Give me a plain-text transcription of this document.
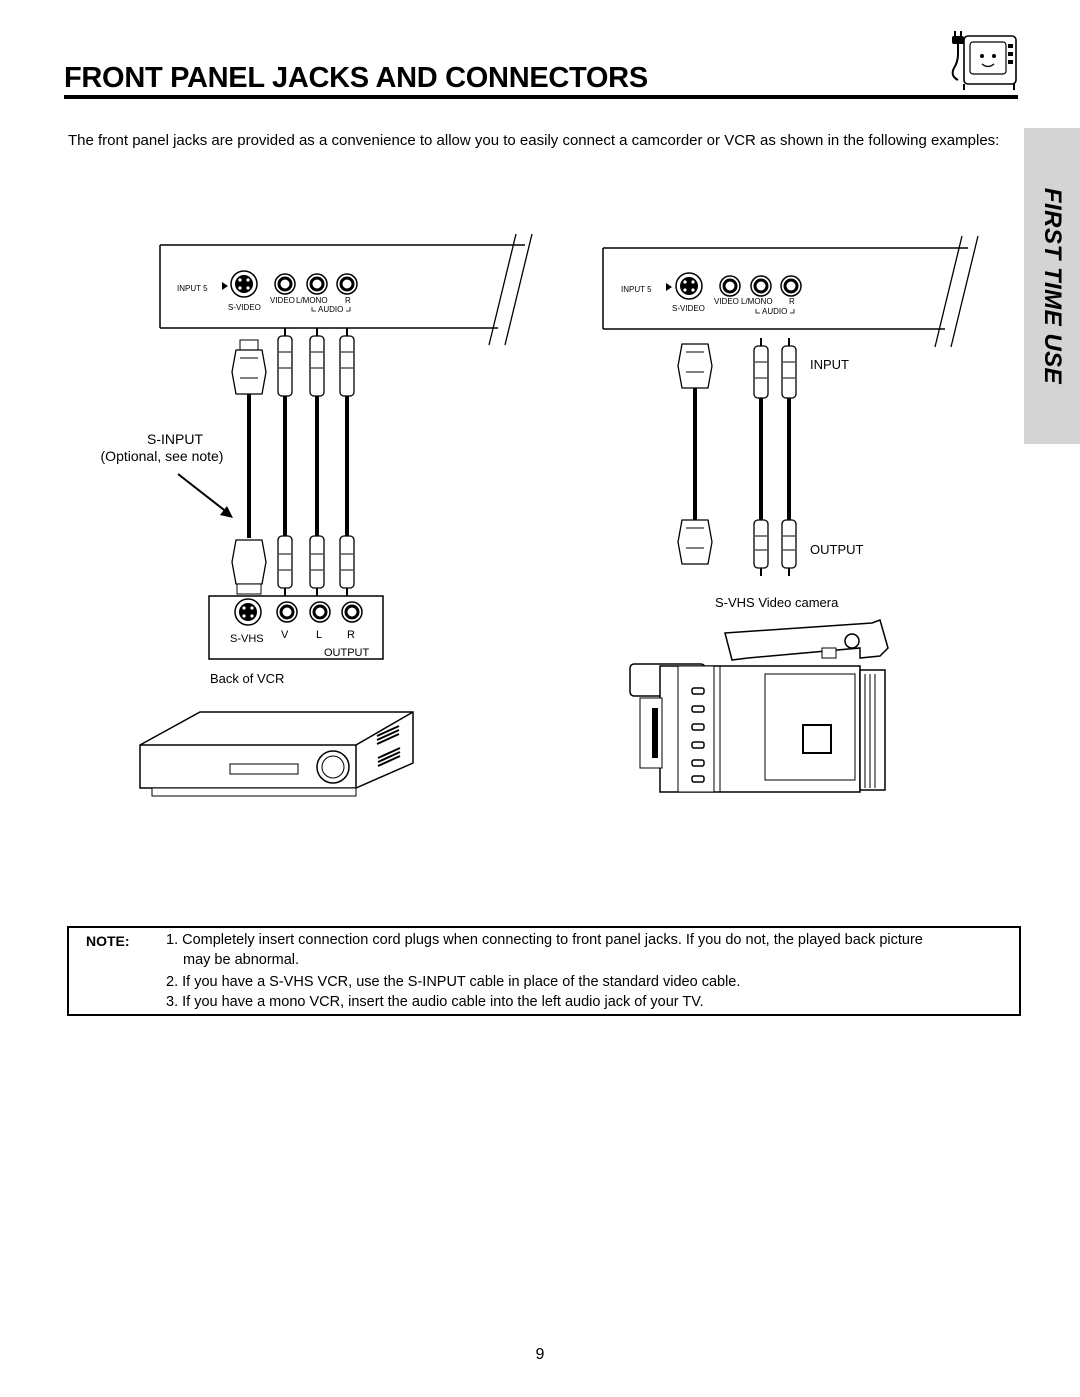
FRONT PANEL JACKS AND CONNECTORS
The front panel jacks are provided as a convenience to allow you to easily connect a camcorder or VCR as shown in the following examples:
FIRST TIME USE
INPUT 5
S-VIDEO
VIDEO L/MONO R
AUDIO
S-INPUT
(Optional, see note)
S-VHS V	L R
OUTPUT
Back of VCR
INPUT 5
S-VIDEO
VIDEO L/MONO R
AUDIO
INPUT
OUTPUT
S-VHS Video camera
NOTE:	1. Completely insert connection cord plugs when connecting to front panel jacks. If you do not, the played back picture
may be abnormal.
2. If you have a S-VHS VCR, use the S-INPUT cable in place of the standard video cable.
3. If you have a mono VCR, insert the audio cable into the left audio jack of your TV.
9
